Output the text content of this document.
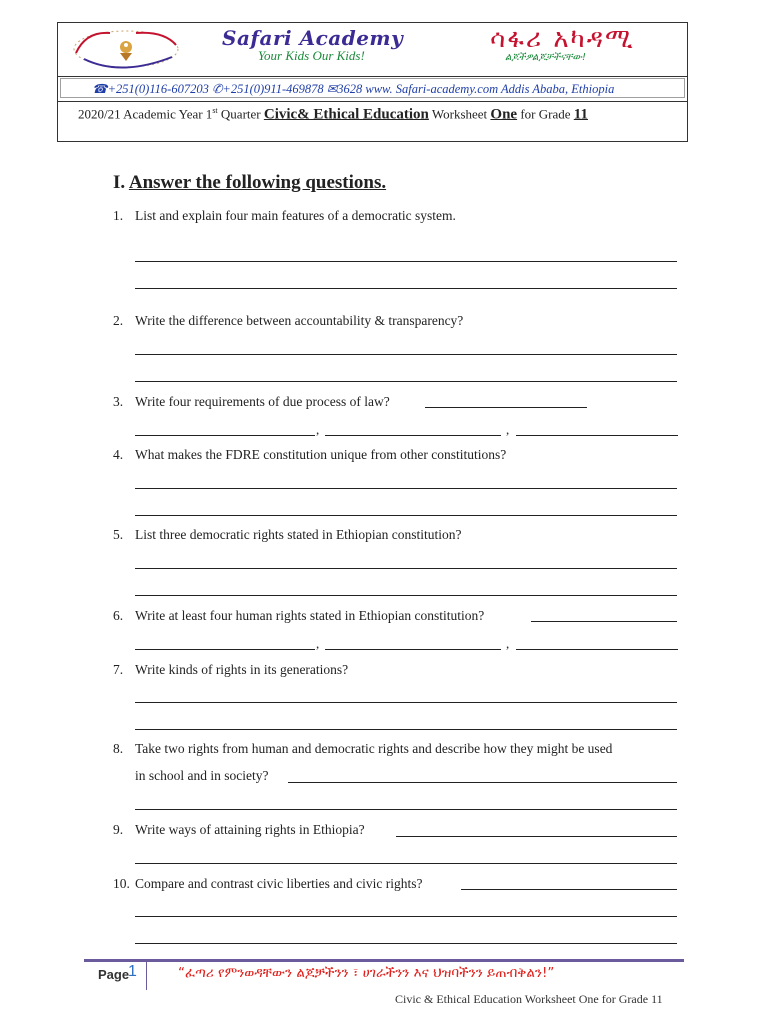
Safari Academy
Your Kids Our Kids!
ሳፋሪ አካዳሚ
ልጆችዎልጆቻችናቸው!
☎+251(0)116-607203 ✆+251(0)911-469878 ✉3628 www. Safari-academy.com Addis Ababa, Ethiopia
2020/21 Academic Year 1st Quarter Civic& Ethical Education Worksheet One for Grade 11
I. Answer the following questions.
1. List and explain four main features of a democratic system.
2. Write the difference between accountability & transparency?
3. Write four requirements of due process of law?
,	,
4. What makes the FDRE constitution unique from other constitutions?
5. List three democratic rights stated in Ethiopian constitution?
6. Write at least four human rights stated in Ethiopian constitution?
,	,
7. Write kinds of rights in its generations?
8. Take two rights from human and democratic rights and describe how they might be used
in school and in society?
9. Write ways of attaining rights in Ethiopia?
10. Compare and contrast civic liberties and civic rights?
Page
1	“ፈጣሪ የምንወዳቸውን ልጆቻችንን ፣ ሀገራችንን እና ህዝባችንን ይጠብቅልን!”
Civic & Ethical Education Worksheet One for Grade 11
